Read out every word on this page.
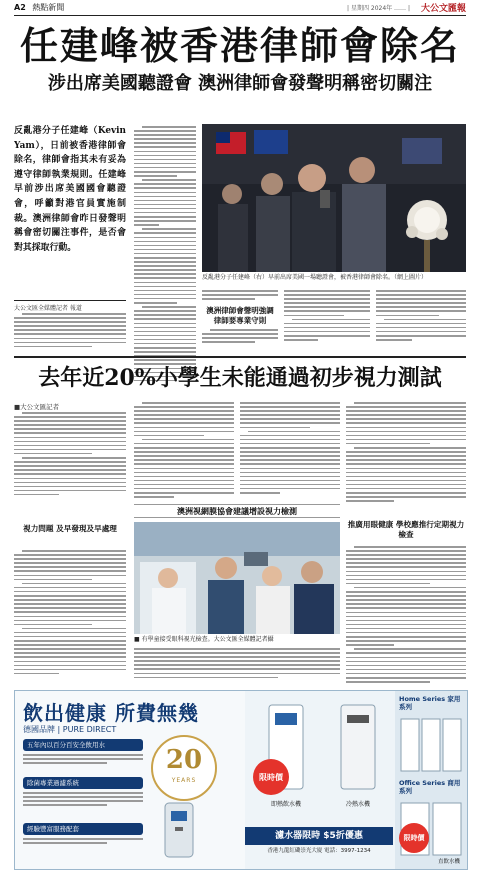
A2 熱點新聞	| 星期四 2024年 …… | 大公文匯報
任建峰被香港律師會除名
涉出席美國聽證會 澳洲律師會發聲明稱密切關注
反亂港分子任建峰（Kevin Yam），日前被香港律師會除名，律師會指其未有妥為遵守律師執業規則。任建峰早前涉出席美國國會聽證會，呼籲對港官員實施制裁。澳洲律師會昨日發聲明稱會密切關注事件，是否會對其採取行動。
大公文匯全媒體記者 報道
反亂港分子任建峰（右）早前出席美國一場聽證會，被香港律師會除名。（網上圖片）
澳洲律師會聲明強調
律師要專業守則
去年近20%小學生未能通過初步視力測試
■大公文匯記者
視力問題 及早發現及早處理
澳洲視網膜協會建議增設視力檢測
■ 有學童接受眼科視光檢查。大公文匯全媒體記者攝
推廣用眼健康 學校應推行定期視力檢查
飲出健康 所費無幾
德國品牌 | PURE DIRECT
五年內以百分百安全飲用水
除菌專業過濾系統
經驗豐富服務配套
20
YEARS
濾水器限時 $5折優惠
香港九龍紅磡崇光大廈 電話：3997-1234
限時價
即熱飲水機	冷熱水機
Home Series 家用系列
Office Series 商用系列
限時價
直飲水機
